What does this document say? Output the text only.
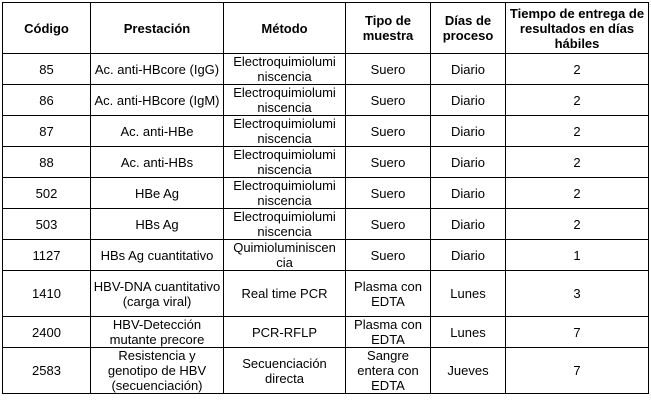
Código	Prestación	Método	Tipo de muestra	Días de proceso	Tiempo de entrega de resultados en días hábiles
85	Ac. anti-HBcore (IgG)	Electroquimiolumi niscencia	Suero	Diario	2
86	Ac. anti-HBcore (IgM)	Electroquimiolumi niscencia	Suero	Diario	2
87	Ac. anti-HBe	Electroquimiolumi niscencia	Suero	Diario	2
88	Ac. anti-HBs	Electroquimiolumi niscencia	Suero	Diario	2
502	HBe Ag	Electroquimiolumi niscencia	Suero	Diario	2
503	HBs Ag	Electroquimiolumi niscencia	Suero	Diario	2
1127	HBs Ag cuantitativo	Quimioluminiscen cia	Suero	Diario	1
1410	HBV-DNA cuantitativo (carga viral)	Real time PCR	Plasma con EDTA	Lunes	3
2400	HBV-Detección mutante precore	PCR-RFLP	Plasma con EDTA	Lunes	7
2583	Resistencia y genotipo de HBV (secuenciación)	Secuenciación directa	Sangre entera con EDTA	Jueves	7
